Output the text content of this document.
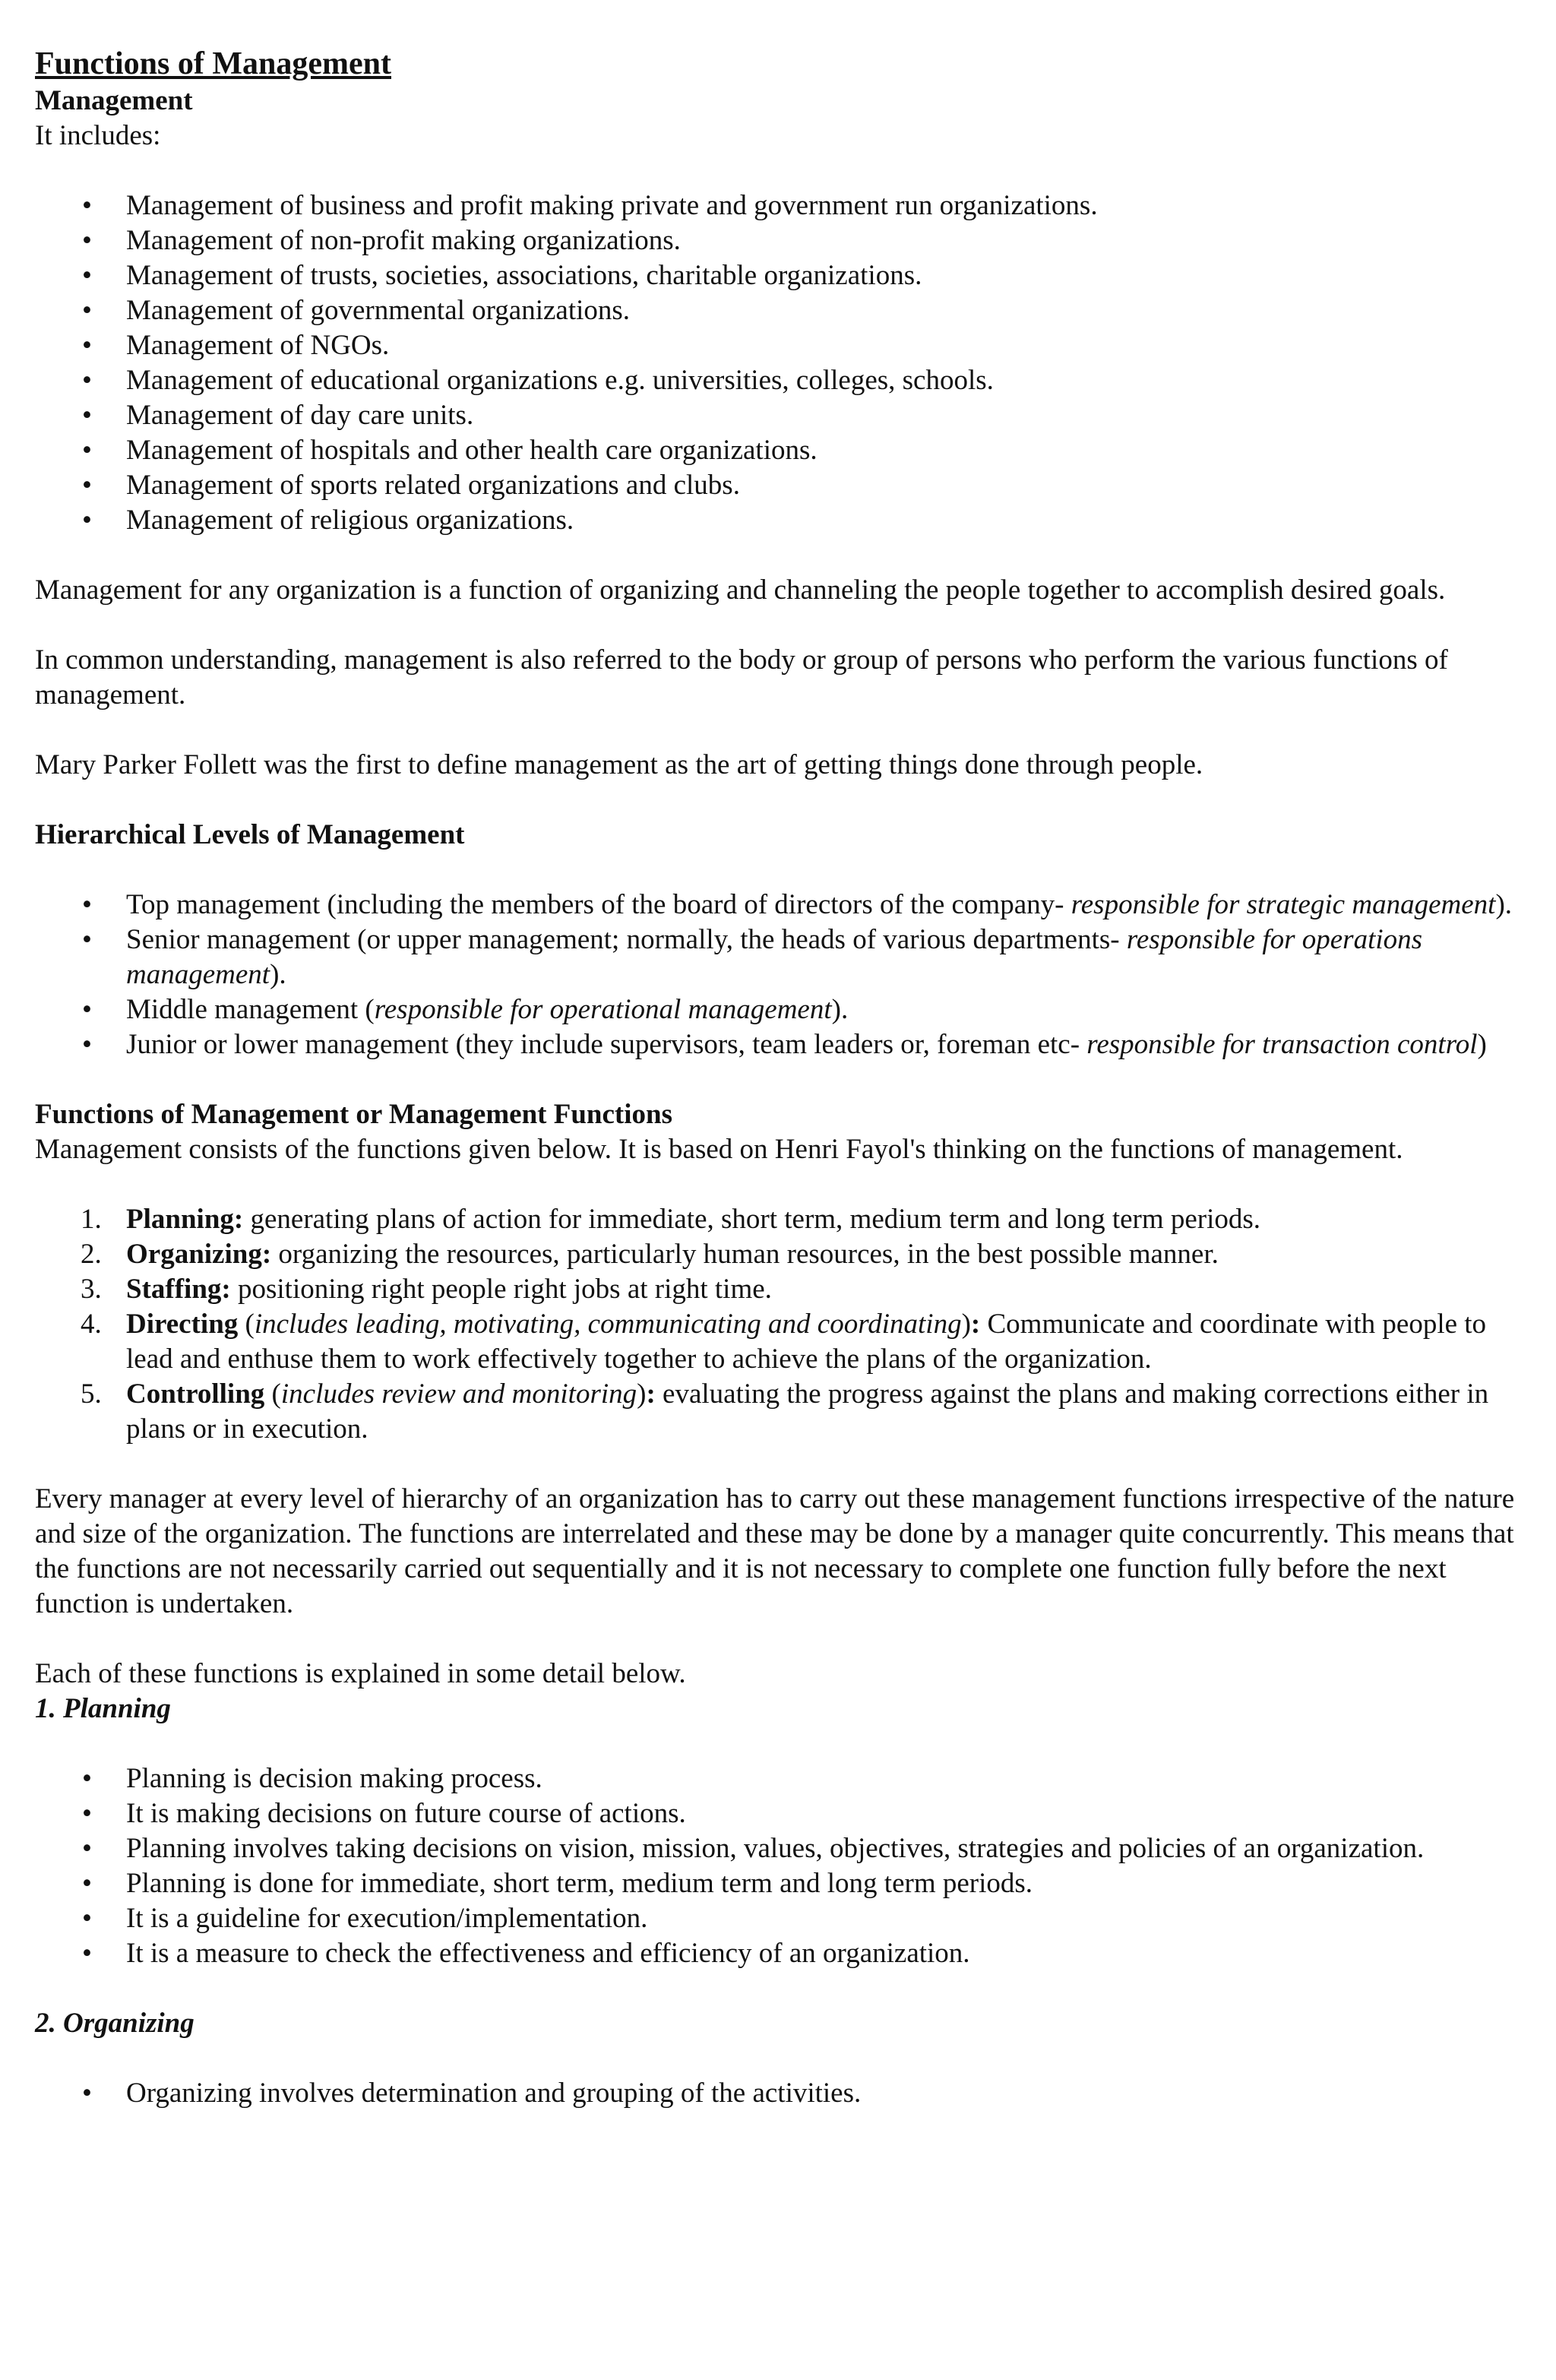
Functions of Management

Management

It includes:

• Management of business and profit making private and government run organizations.
• Management of non-profit making organizations.
• Management of trusts, societies, associations, charitable organizations.
• Management of governmental organizations.
• Management of NGOs.
• Management of educational organizations e.g. universities, colleges, schools.
• Management of day care units.
• Management of hospitals and other health care organizations.
• Management of sports related organizations and clubs.
• Management of religious organizations.

Management for any organization is a function of organizing and channeling the people together to accomplish desired goals.

In common understanding, management is also referred to the body or group of persons who perform the various functions of management.

Mary Parker Follett was the first to define management as the art of getting things done through people.

Hierarchical Levels of Management

• Top management (including the members of the board of directors of the company- responsible for strategic management).
• Senior management (or upper management; normally, the heads of various departments- responsible for operations management).
• Middle management (responsible for operational management).
• Junior or lower management (they include supervisors, team leaders or, foreman etc- responsible for transaction control)

Functions of Management or Management Functions

Management consists of the functions given below. It is based on Henri Fayol's thinking on the functions of management.

1. Planning: generating plans of action for immediate, short term, medium term and long term periods.
2. Organizing: organizing the resources, particularly human resources, in the best possible manner.
3. Staffing: positioning right people right jobs at right time.
4. Directing (includes leading, motivating, communicating and coordinating): Communicate and coordinate with people to lead and enthuse them to work effectively together to achieve the plans of the organization.
5. Controlling (includes review and monitoring): evaluating the progress against the plans and making corrections either in plans or in execution.

Every manager at every level of hierarchy of an organization has to carry out these management functions irrespective of the nature and size of the organization. The functions are interrelated and these may be done by a manager quite concurrently. This means that the functions are not necessarily carried out sequentially and it is not necessary to complete one function fully before the next function is undertaken.

Each of these functions is explained in some detail below.

1. Planning

• Planning is decision making process.
• It is making decisions on future course of actions.
• Planning involves taking decisions on vision, mission, values, objectives, strategies and policies of an organization.
• Planning is done for immediate, short term, medium term and long term periods.
• It is a guideline for execution/implementation.
• It is a measure to check the effectiveness and efficiency of an organization.

2. Organizing

• Organizing involves determination and grouping of the activities.
